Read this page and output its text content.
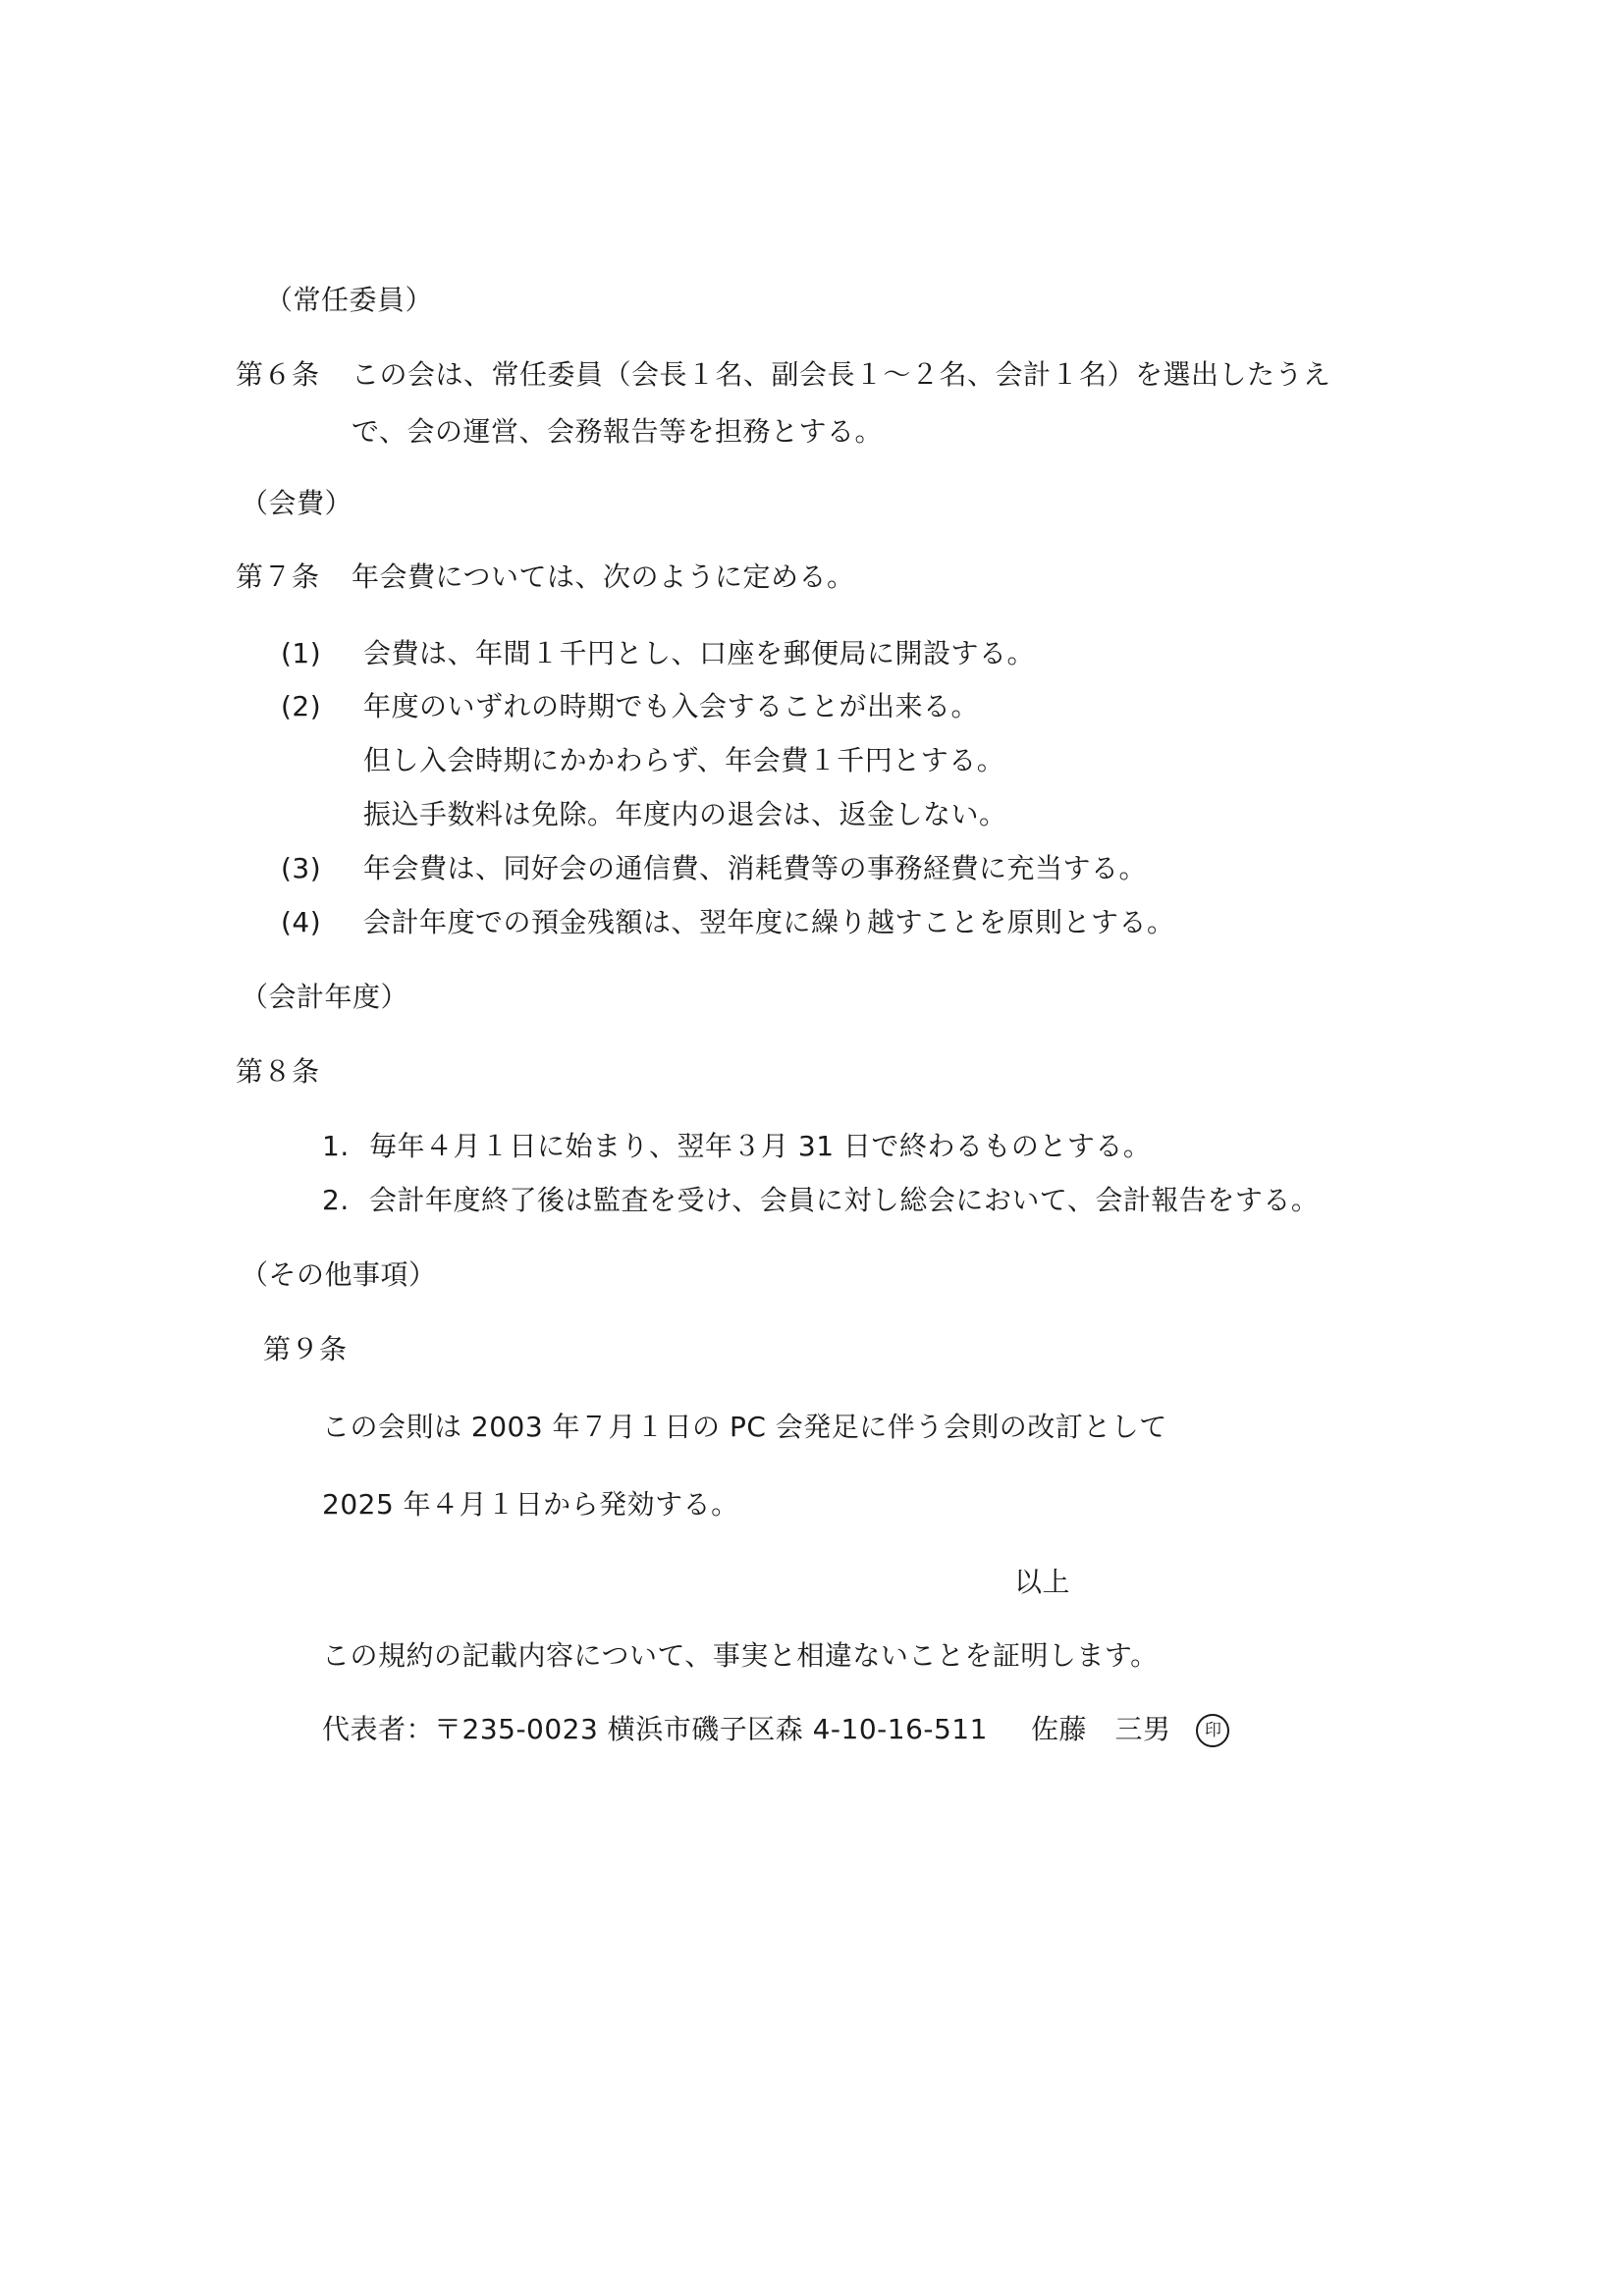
（常任委員）
第６条 この会は、常任委員（会長１名、副会長１～２名、会計１名）を選出したうえ
で、会の運営、会務報告等を担務とする。
（会費）
第７条 年会費については、次のように定める。
(1) 会費は、年間１千円とし、口座を郵便局に開設する。
(2) 年度のいずれの時期でも入会することが出来る。
但し入会時期にかかわらず、年会費１千円とする。
振込手数料は免除。年度内の退会は、返金しない。
(3) 年会費は、同好会の通信費、消耗費等の事務経費に充当する。
(4) 会計年度での預金残額は、翌年度に繰り越すことを原則とする。
（会計年度）
第８条
1. 毎年４月１日に始まり、翌年３月 31 日で終わるものとする。
2. 会計年度終了後は監査を受け、会員に対し総会において、会計報告をする。
（その他事項）
第９条
この会則は 2003 年７月１日の PC 会発足に伴う会則の改訂として
2025 年４月１日から発効する。
以上
この規約の記載内容について、事実と相違ないことを証明します。
代表者：〒235-0023 横浜市磯子区森 4-10-16-511 佐藤　三男 印
